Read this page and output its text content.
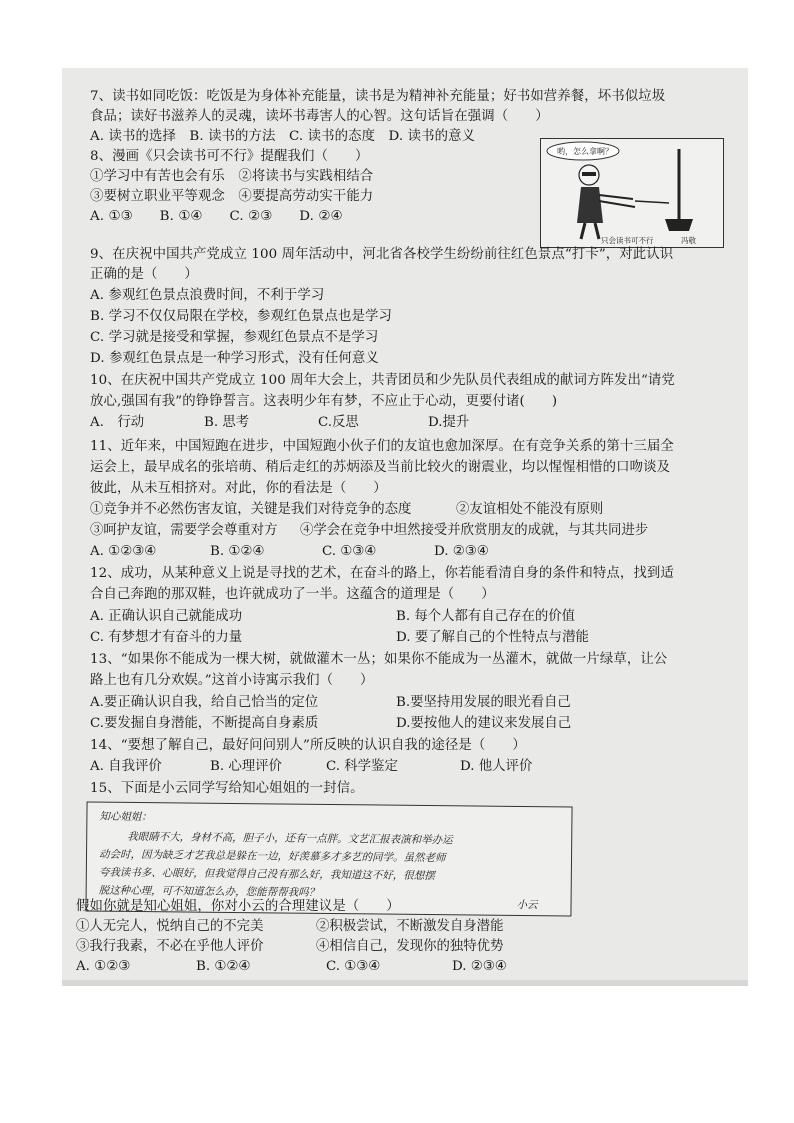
7、读书如同吃饭：吃饭是为身体补充能量，读书是为精神补充能量；好书如营养餐，坏书似垃圾
食品；读好书滋养人的灵魂，读坏书毒害人的心智。这句话旨在强调（　　）
A. 读书的选择　B. 读书的方法　C. 读书的态度　D. 读书的意义
8、漫画《只会读书可不行》提醒我们（　　）
①学习中有苦也会有乐　②将读书与实践相结合
③要树立职业平等观念　④要提高劳动实干能力
A. ①③　　B. ①④　　C. ②③　　D. ②④
哟，怎么拿啊？
只会读书可不行	冯敬
9、在庆祝中国共产党成立 100 周年活动中，河北省各校学生纷纷前往红色景点“打卡”，对此认识
正确的是（　　）
A. 参观红色景点浪费时间，不利于学习
B. 学习不仅仅局限在学校，参观红色景点也是学习
C. 学习就是接受和掌握，参观红色景点不是学习
D. 参观红色景点是一种学习形式，没有任何意义
10、在庆祝中国共产党成立 100 周年大会上，共青团员和少先队员代表组成的献词方阵发出“请党
放心,强国有我”的铮铮誓言。这表明少年有梦，不应止于心动，更要付诸(　　)
A.　行动	B. 思考	C.反思	D.提升
11、近年来，中国短跑在进步，中国短跑小伙子们的友谊也愈加深厚。在有竞争关系的第十三届全
运会上，最早成名的张培萌、稍后走红的苏炳添及当前比较火的谢震业，均以惺惺相惜的口吻谈及
彼此，从未互相挤对。对此，你的看法是（　　）
①竞争并不必然伤害友谊，关键是我们对待竞争的态度	②友谊相处不能没有原则
③呵护友谊，需要学会尊重对方 ④学会在竞争中坦然接受并欣赏朋友的成就，与其共同进步
A. ①②③④	B. ①②④	C. ①③④	D. ②③④
12、成功，从某种意义上说是寻找的艺术，在奋斗的路上，你若能看清自身的条件和特点，找到适
合自己奔跑的那双鞋，也许就成功了一半。这蕴含的道理是（　　）
A. 正确认识自己就能成功	B. 每个人都有自己存在的价值
C. 有梦想才有奋斗的力量	D. 要了解自己的个性特点与潜能
13、“如果你不能成为一棵大树，就做灌木一丛；如果你不能成为一丛灌木，就做一片绿草，让公
路上也有几分欢娱。”这首小诗寓示我们（　　）
A.要正确认识自我，给自己恰当的定位	B.要坚持用发展的眼光看自己
C.要发掘自身潜能，不断提高自身素质	D.要按他人的建议来发展自己
14、“要想了解自己，最好问问别人”所反映的认识自我的途径是（　　）
A. 自我评价	B. 心理评价	C. 科学鉴定	D. 他人评价
15、下面是小云同学写给知心姐姐的一封信。
知心姐姐：
我眼睛不大，身材不高，胆子小，还有一点胖。文艺汇报表演和举办运
动会时，因为缺乏才艺我总是躲在一边，好羡慕多才多艺的同学。虽然老师
夸我读书多、心眼好，但我觉得自己没有那么好，我知道这不好，很想摆
脱这种心理，可不知道怎么办，您能帮帮我吗？
小云
假如你就是知心姐姐，你对小云的合理建议是（　　）
①人无完人，悦纳自己的不完美	②积极尝试，不断激发自身潜能
③我行我素，不必在乎他人评价	④相信自己，发现你的独特优势
A. ①②③	B. ①②④	C. ①③④	D. ②③④
